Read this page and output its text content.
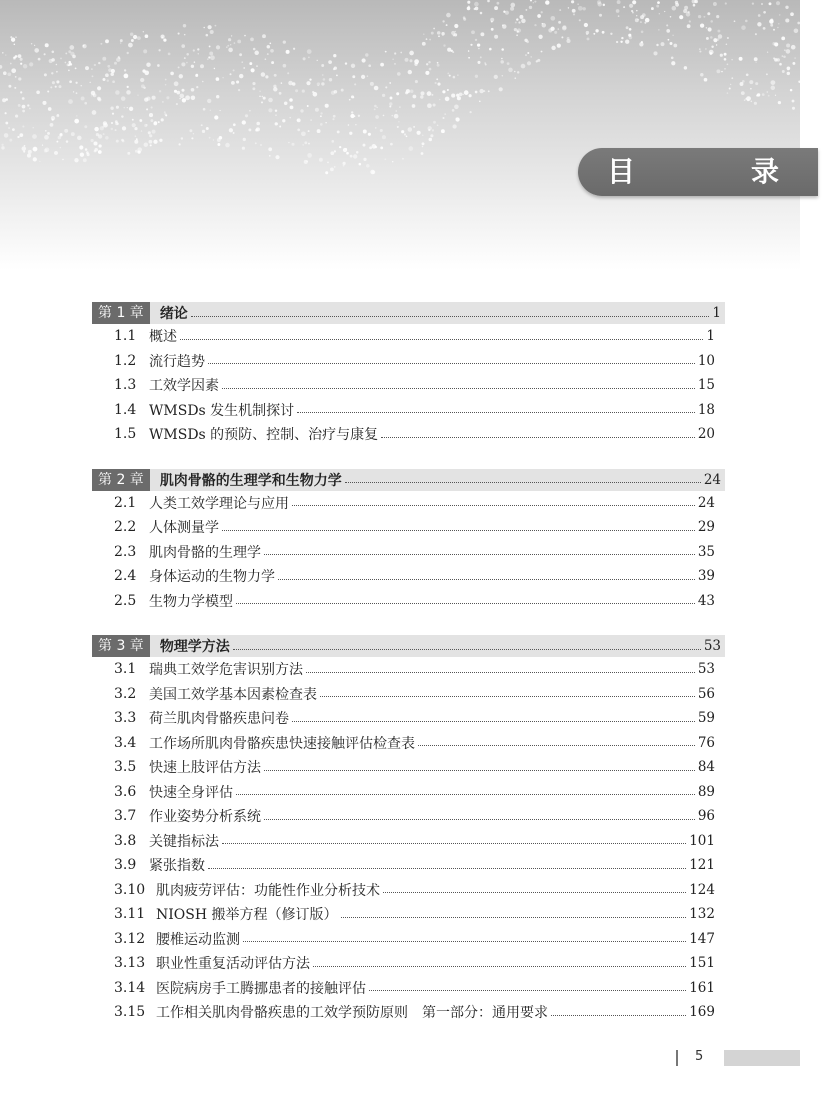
目　录
第 1 章	绪论	1
1.1 概述	1
1.2 流行趋势	10
1.3 工效学因素	15
1.4 WMSDs 发生机制探讨	18
1.5 WMSDs 的预防、控制、治疗与康复	20
第 2 章	肌肉骨骼的生理学和生物力学	24
2.1 人类工效学理论与应用	24
2.2 人体测量学	29
2.3 肌肉骨骼的生理学	35
2.4 身体运动的生物力学	39
2.5 生物力学模型	43
第 3 章	物理学方法	53
3.1 瑞典工效学危害识别方法	53
3.2 美国工效学基本因素检查表	56
3.3 荷兰肌肉骨骼疾患问卷	59
3.4 工作场所肌肉骨骼疾患快速接触评估检查表	76
3.5 快速上肢评估方法	84
3.6 快速全身评估	89
3.7 作业姿势分析系统	96
3.8 关键指标法	101
3.9 紧张指数	121
3.10 肌肉疲劳评估：功能性作业分析技术	124
3.11 NIOSH 搬举方程（修订版）	132
3.12 腰椎运动监测	147
3.13 职业性重复活动评估方法	151
3.14 医院病房手工腾挪患者的接触评估	161
3.15 工作相关肌肉骨骼疾患的工效学预防原则　第一部分：通用要求	169
5
